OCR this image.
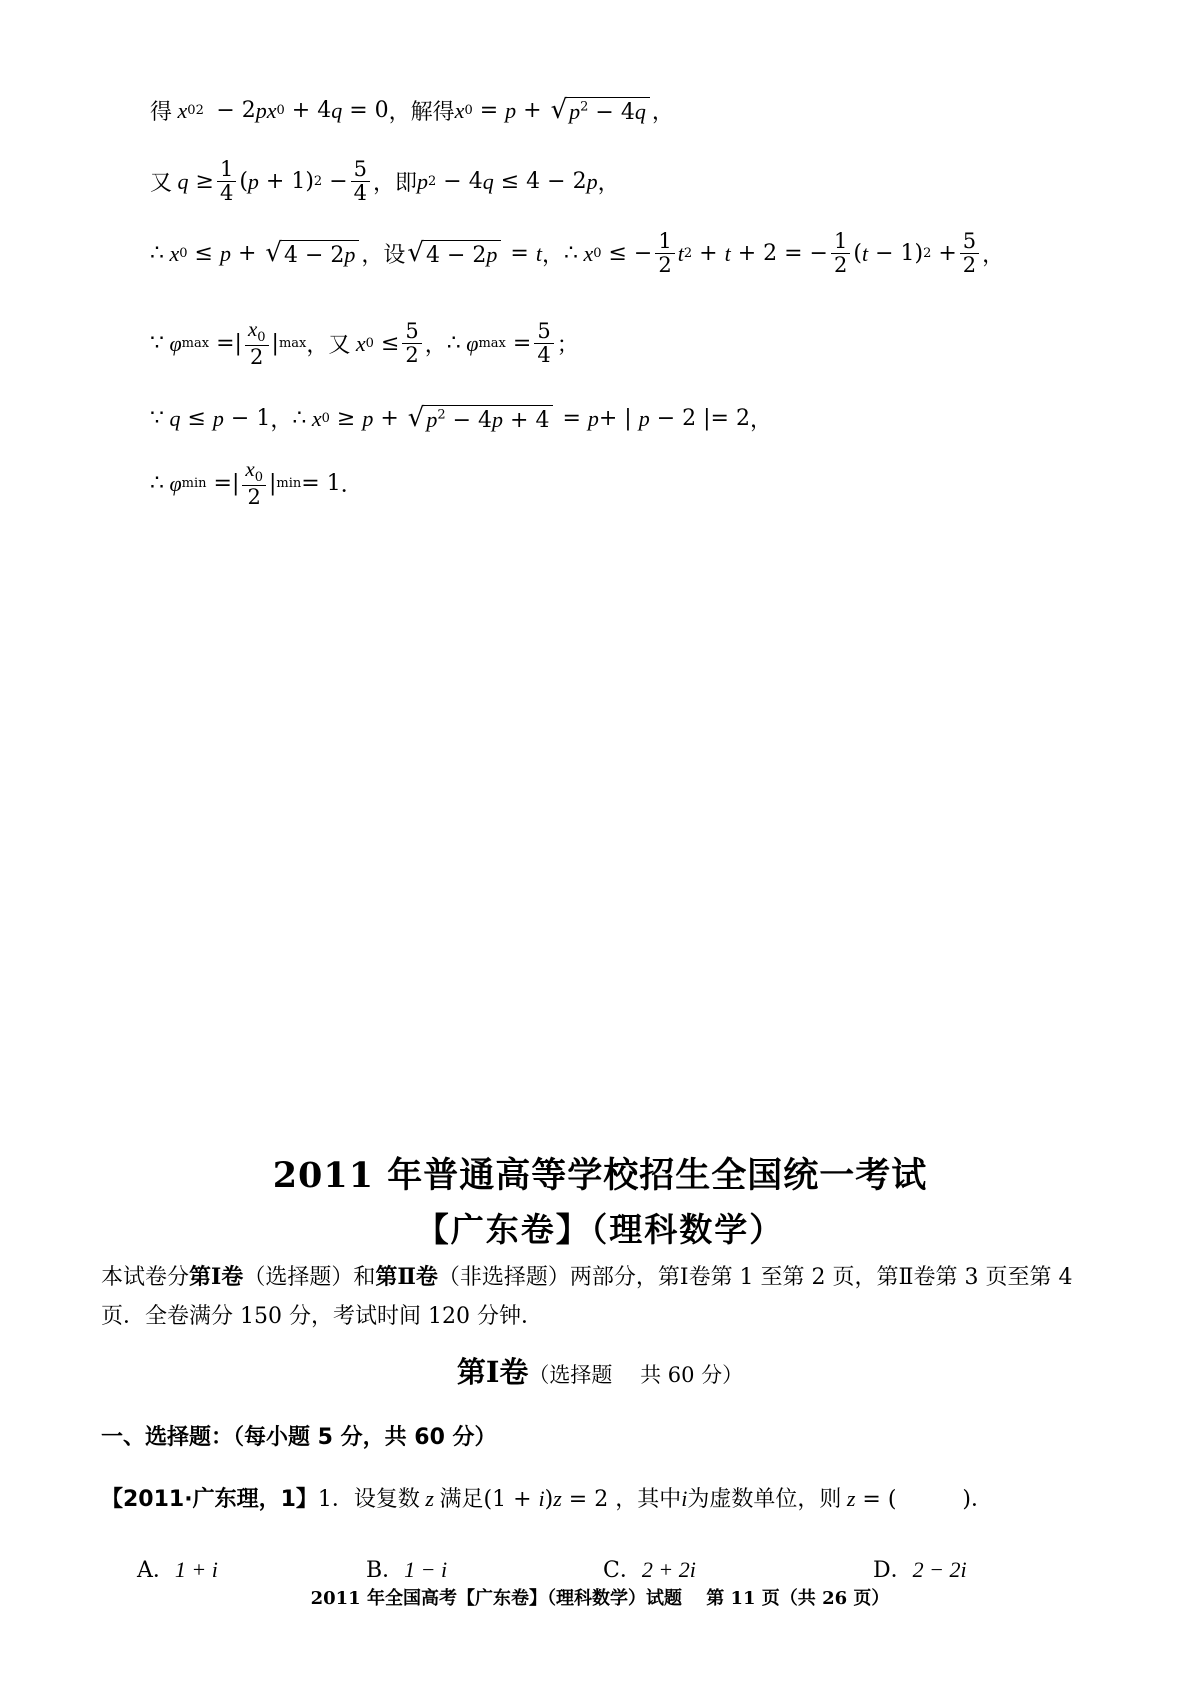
得 x 0 2
− 2 px 0 + 4 q = 0 ，解得 x 0 = p + √ $p^2 - 4q$ ，
又 $q \ge \frac{1}{4}$ ( p + 1) $2 - \frac{5}{4}$ ，即 p 2 − 4 q ≤ 4 − 2 p ，
∴ x 0 ≤ p + √ 4 − 2p ，设 √ 4 − 2p = t ， ∴ x 0 ≤ − $\frac{1}{2}$ t 2 + t + 2 = − $\frac{1}{2}$ ( t − 1) $2 + \frac{5}{2}$ ，
∵ φ max =| $\frac{x_0}{2}$ | max ，又 x $0 \le \frac{5}{2}$ ， ∴ φ $\max = \frac{5}{4}$ ；
∵ q ≤ p − 1 ， ∴ x 0 ≥ p + √ $p^2 - 4p + 4 = p$ + | p − 2 |= 2 ，
∴ φ min =| $\frac{x_0}{2}$ | min = 1 ．
2011 年普通高等学校招生全国统一考试
【广东卷】（理科数学）
本试卷分第Ⅰ卷（选择题）和第Ⅱ卷（非选择题）两部分，第Ⅰ卷第 1 至第 2 页，第Ⅱ卷第 3 页至第 4 页．全卷满分 150 分，考试时间 120 分钟．
第Ⅰ卷（选择题　 共 60 分）
一、选择题：（每小题 5 分，共 60 分）
【2011·广东理，1】1．设复数 z 满足(1 + i)z = 2 ，其中i为虚数单位，则 z = (　　　)．
A．1 + i	B．1 − i	C．2 + 2i	D．2 − 2i
2011 年全国高考【广东卷】（理科数学）试题　 第 11 页（共 26 页）
